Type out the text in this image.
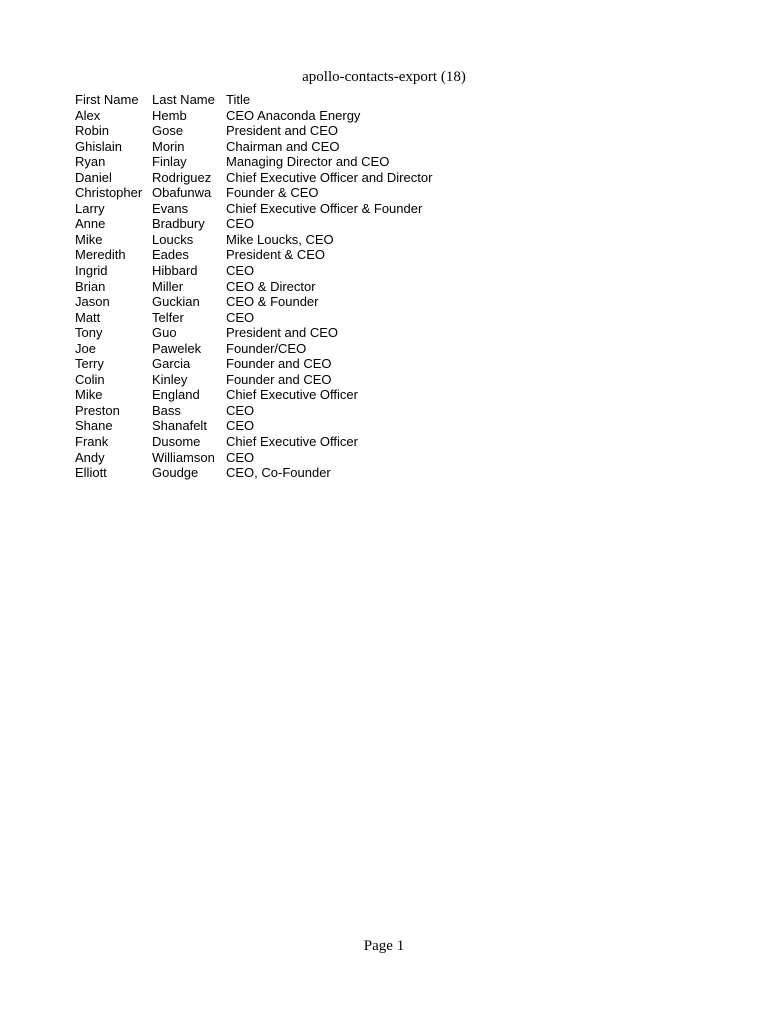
apollo-contacts-export (18)
First Name	Last Name	Title
Alex	Hemb	CEO Anaconda Energy
Robin	Gose	President and CEO
Ghislain	Morin	Chairman and CEO
Ryan	Finlay	Managing Director and CEO
Daniel	Rodriguez	Chief Executive Officer and Director
Christopher	Obafunwa	Founder & CEO
Larry	Evans	Chief Executive Officer & Founder
Anne	Bradbury	CEO
Mike	Loucks	Mike Loucks, CEO
Meredith	Eades	President & CEO
Ingrid	Hibbard	CEO
Brian	Miller	CEO & Director
Jason	Guckian	CEO & Founder
Matt	Telfer	CEO
Tony	Guo	President and CEO
Joe	Pawelek	Founder/CEO
Terry	Garcia	Founder and CEO
Colin	Kinley	Founder and CEO
Mike	England	Chief Executive Officer
Preston	Bass	CEO
Shane	Shanafelt	CEO
Frank	Dusome	Chief Executive Officer
Andy	Williamson	CEO
Elliott	Goudge	CEO, Co-Founder
Page 1
